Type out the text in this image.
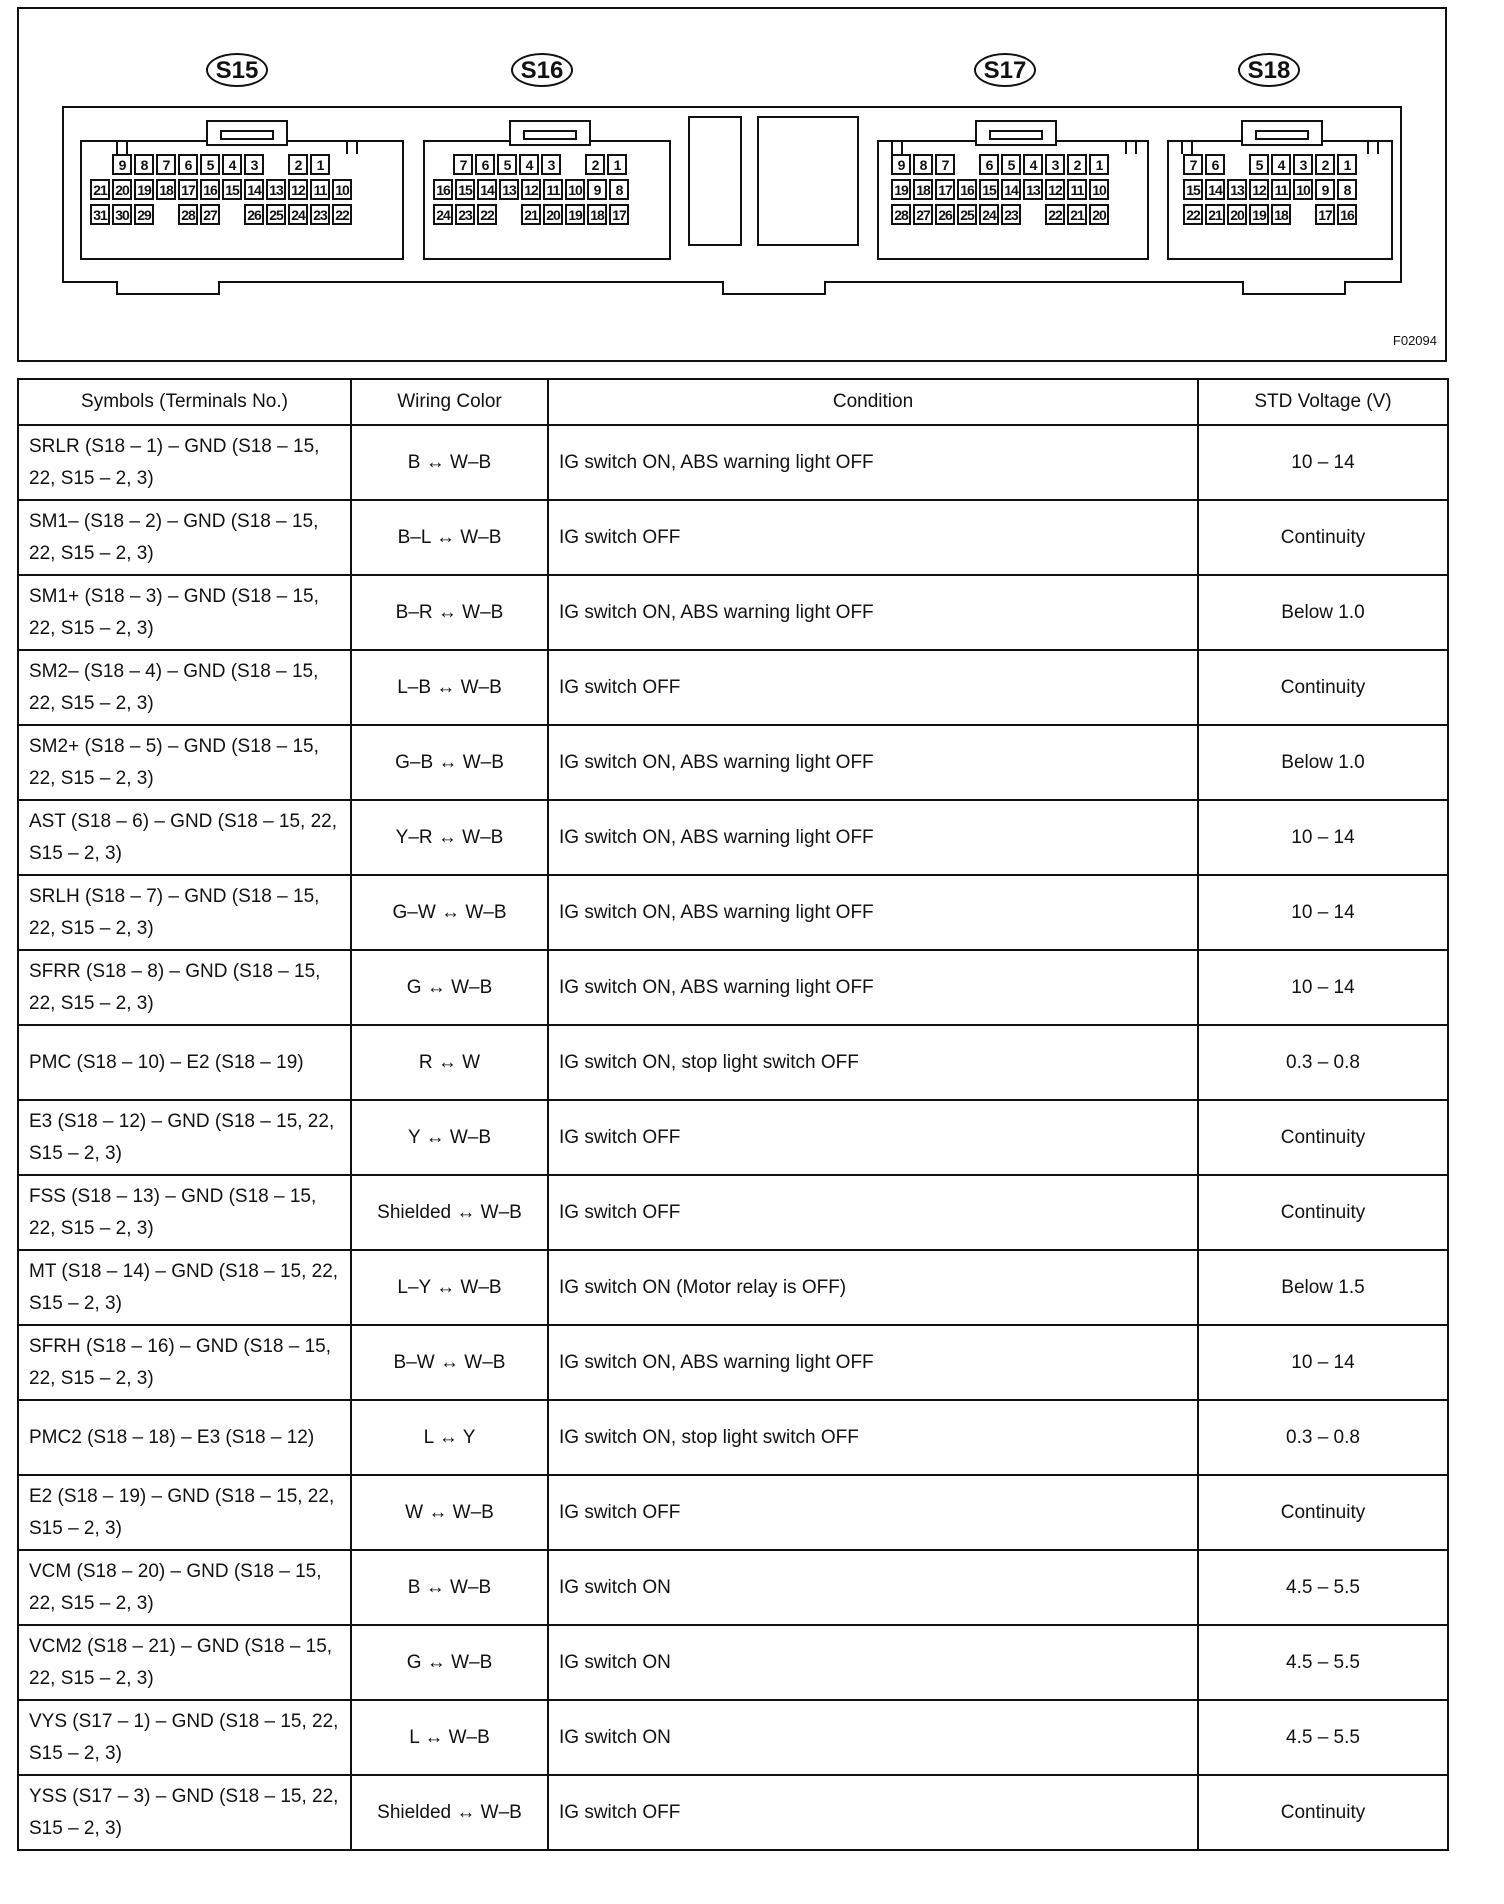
S15	S16	S17	S18
9	8	7	6	5	4	3	2	1
21 20 19 18 17 16 15 14 13 12 11 10
31 30 29 28 27 26 25 24 23 22
7	6	5	4	3	2	1
16 15 14 13 12 11 10 9	8
24 23 22 21 20 19 18 17
9	8	7	6	5	4	3	2	1
19 18 17 16 15 14 13 12 11 10
28 27 26 25 24 23 22 21 20
7	6	5	4	3	2	1
15 14 13 12 11 10 9	8
22 21 20 19 18 17 16
F02094
Symbols (Terminals No.)	Wiring Color	Condition	STD Voltage (V)
SRLR (S18 – 1) – GND (S18 – 15, 22, S15 – 2, 3)	B ↔ W–B	IG switch ON, ABS warning light OFF	10 – 14
SM1– (S18 – 2) – GND (S18 – 15, 22, S15 – 2, 3)	B–L ↔ W–B	IG switch OFF	Continuity
SM1+ (S18 – 3) – GND (S18 – 15, 22, S15 – 2, 3)	B–R ↔ W–B	IG switch ON, ABS warning light OFF	Below 1.0
SM2– (S18 – 4) – GND (S18 – 15, 22, S15 – 2, 3)	L–B ↔ W–B	IG switch OFF	Continuity
SM2+ (S18 – 5) – GND (S18 – 15, 22, S15 – 2, 3)	G–B ↔ W–B	IG switch ON, ABS warning light OFF	Below 1.0
AST (S18 – 6) – GND (S18 – 15, 22, S15 – 2, 3)	Y–R ↔ W–B	IG switch ON, ABS warning light OFF	10 – 14
SRLH (S18 – 7) – GND (S18 – 15, 22, S15 – 2, 3)	G–W ↔ W–B	IG switch ON, ABS warning light OFF	10 – 14
SFRR (S18 – 8) – GND (S18 – 15, 22, S15 – 2, 3)	G ↔ W–B	IG switch ON, ABS warning light OFF	10 – 14
PMC (S18 – 10) – E2 (S18 – 19)	R ↔ W	IG switch ON, stop light switch OFF	0.3 – 0.8
E3 (S18 – 12) – GND (S18 – 15, 22, S15 – 2, 3)	Y ↔ W–B	IG switch OFF	Continuity
FSS (S18 – 13) – GND (S18 – 15, 22, S15 – 2, 3)	Shielded ↔ W–B	IG switch OFF	Continuity
MT (S18 – 14) – GND (S18 – 15, 22, S15 – 2, 3)	L–Y ↔ W–B	IG switch ON (Motor relay is OFF)	Below 1.5
SFRH (S18 – 16) – GND (S18 – 15, 22, S15 – 2, 3)	B–W ↔ W–B	IG switch ON, ABS warning light OFF	10 – 14
PMC2 (S18 – 18) – E3 (S18 – 12)	L ↔ Y	IG switch ON, stop light switch OFF	0.3 – 0.8
E2 (S18 – 19) – GND (S18 – 15, 22, S15 – 2, 3)	W ↔ W–B	IG switch OFF	Continuity
VCM (S18 – 20) – GND (S18 – 15, 22, S15 – 2, 3)	B ↔ W–B	IG switch ON	4.5 – 5.5
VCM2 (S18 – 21) – GND (S18 – 15, 22, S15 – 2, 3)	G ↔ W–B	IG switch ON	4.5 – 5.5
VYS (S17 – 1) – GND (S18 – 15, 22, S15 – 2, 3)	L ↔ W–B	IG switch ON	4.5 – 5.5
YSS (S17 – 3) – GND (S18 – 15, 22, S15 – 2, 3)	Shielded ↔ W–B	IG switch OFF	Continuity
